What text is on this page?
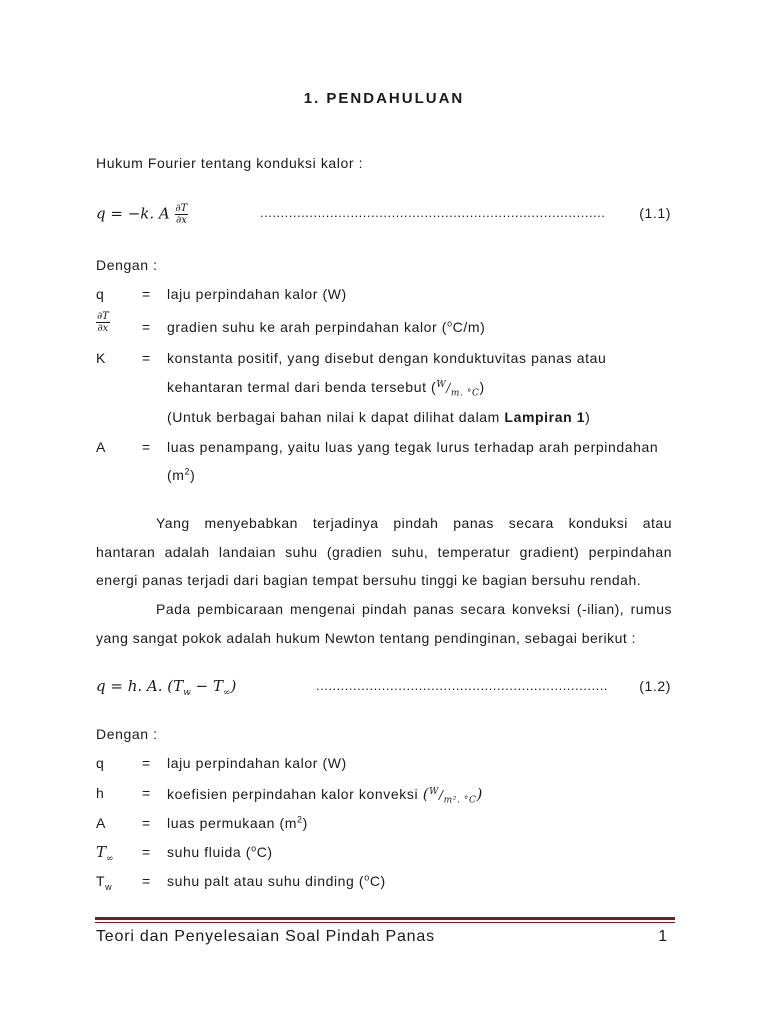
1. PENDAHULUAN
Hukum Fourier tentang konduksi kalor :
q = −k. A $\frac{\partial T}{\partial x}$	.................................................................................... (1.1)
Dengan :
q	= laju perpindahan kalor (W)
$\frac{\partial T}{\partial x}$ = gradien suhu ke arah perpindahan kalor ($^o$C/m)
K	= konstanta positif, yang disebut dengan konduktuvitas panas atau
kehantaran termal dari benda tersebut $(^W/_{m. ^\circ C})$
(Untuk berbagai bahan nilai k dapat dilihat dalam Lampiran 1)
A	= luas penampang, yaitu luas yang tegak lurus terhadap arah perpindahan
$(m^2)$
Yang menyebabkan terjadinya pindah panas secara konduksi atau
hantaran adalah landaian suhu (gradien suhu, temperatur gradient) perpindahan
energi panas terjadi dari bagian tempat bersuhu tinggi ke bagian bersuhu rendah.
Pada pembicaraan mengenai pindah panas secara konveksi (-ilian), rumus
yang sangat pokok adalah hukum Newton tentang pendinginan, sebagai berikut :
q = h. A. $(T_w - T_\infty)$	....................................................................... (1.2)
Dengan :
q	= laju perpindahan kalor (W)
h	= koefisien perpindahan kalor konveksi $(^W/_{m^2. ^\circ C})$
A	= luas permukaan $(m^2)$
$T_\infty$ = suhu fluida ($^o$C)
$T_w$ = suhu palt atau suhu dinding ($^o$C)
Teori dan Penyelesaian Soal Pindah Panas	1
